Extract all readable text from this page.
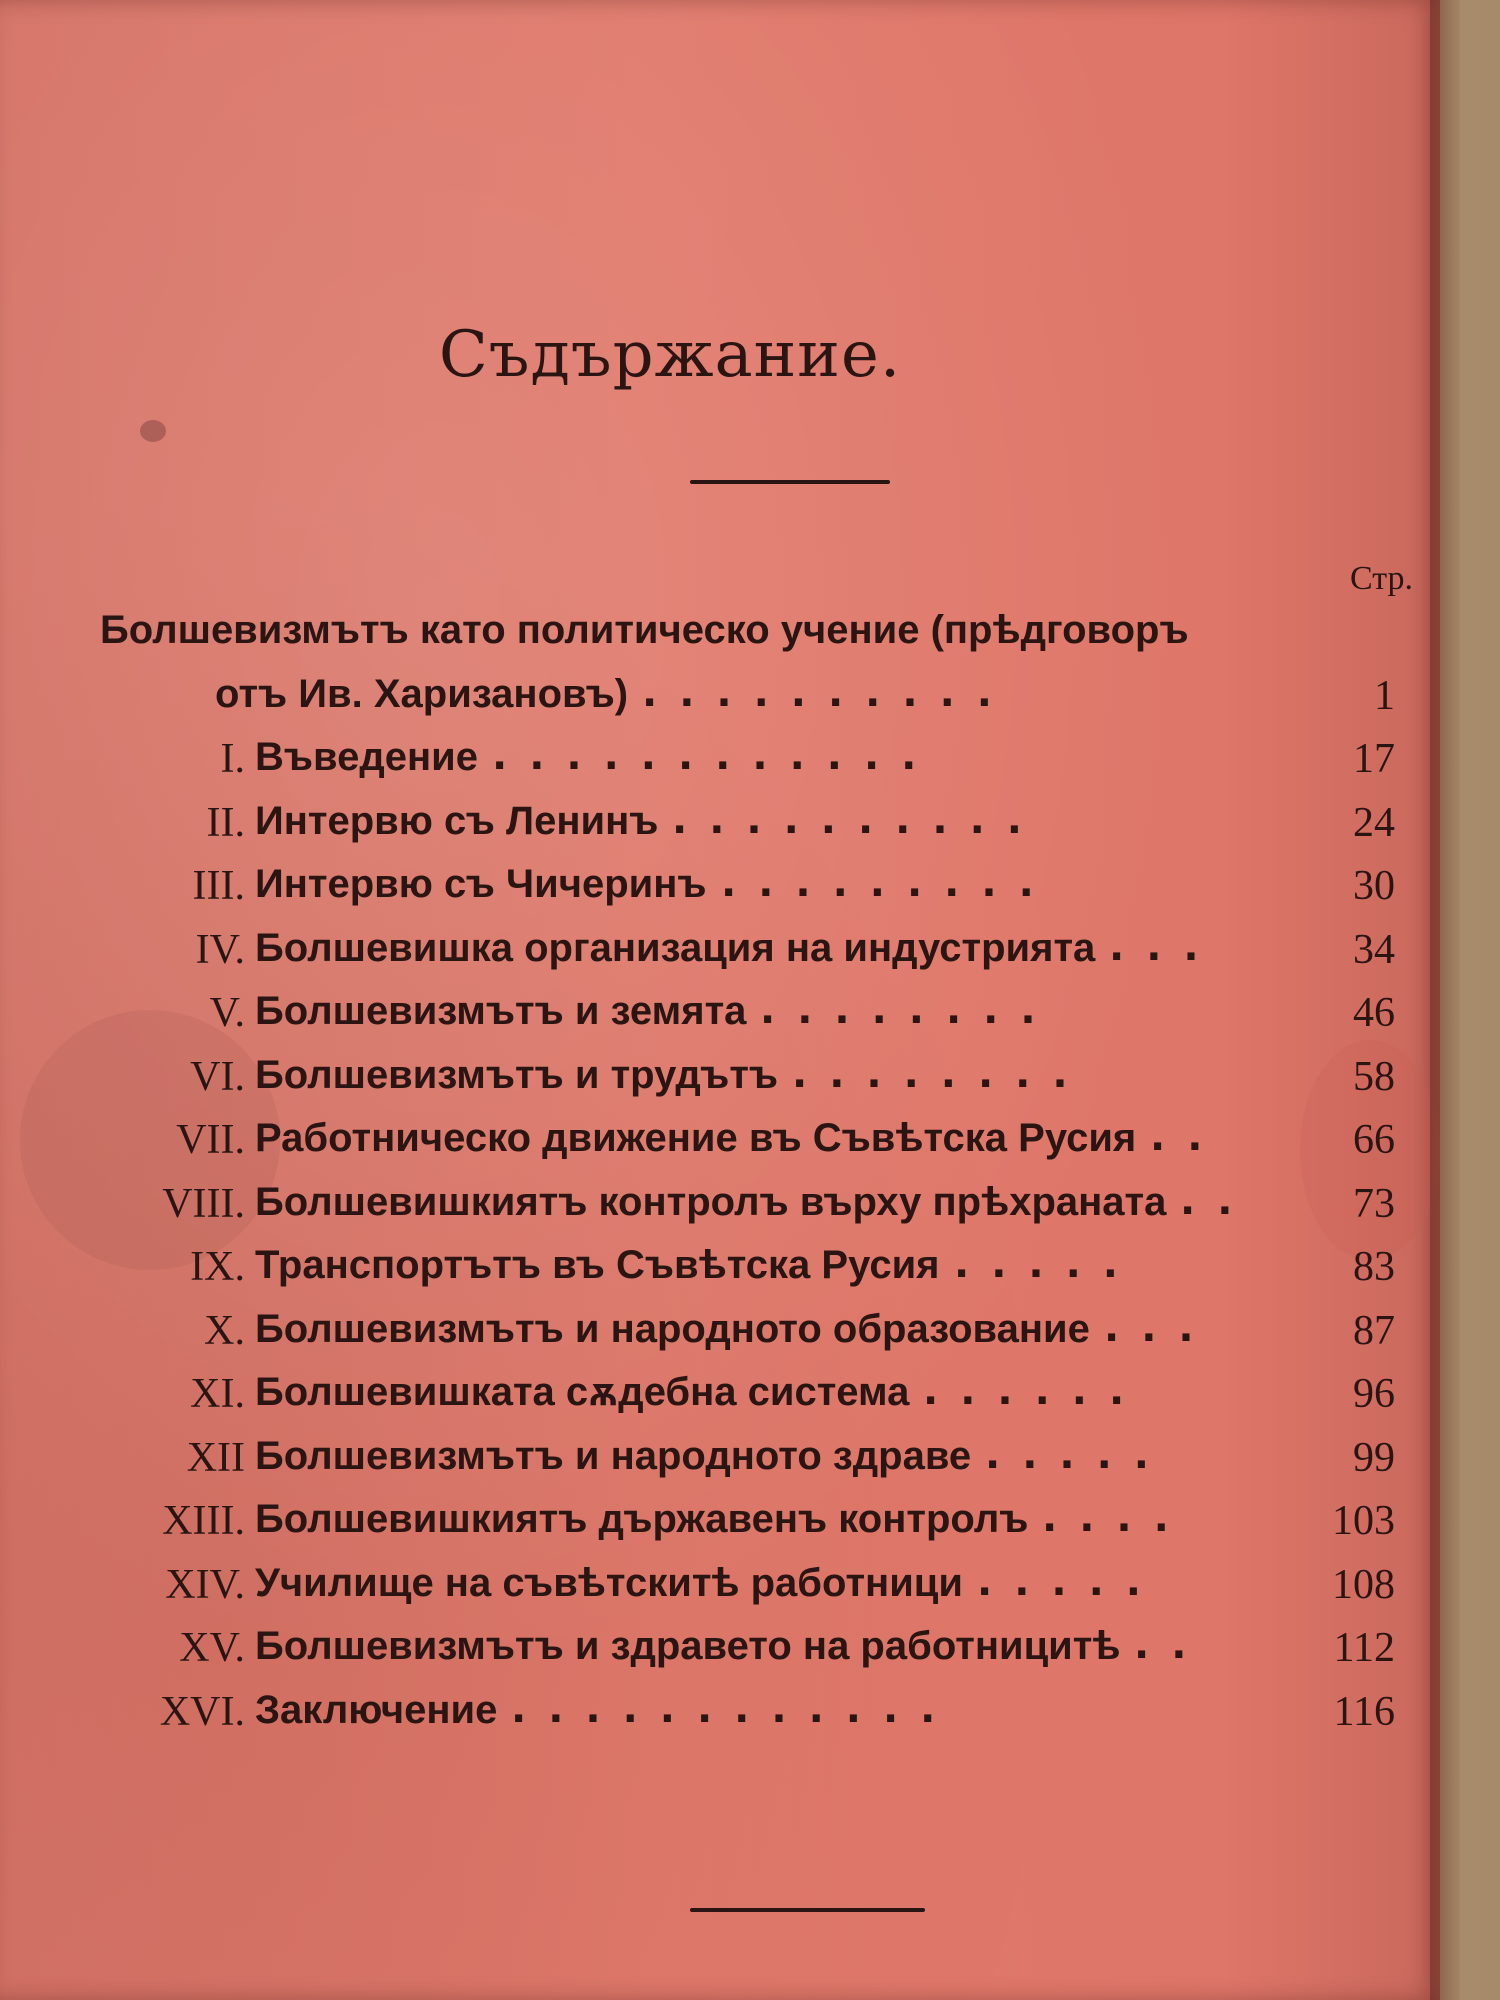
Съдържание.
Стр.
Болшевизмътъ като политическо учение (прѣдговоръ
отъ Ив. Харизановъ) ..........	1
I. Въведение ............	17
II. Интервю съ Ленинъ ..........	24
III. Интервю съ Чичеринъ .........	30
IV. Болшевишка организация на индустрията ...	34
V. Болшевизмътъ и земята ........	46
VI. Болшевизмътъ и трудътъ ........	58
VII. Работническо движение въ Съвѣтска Русия ..	66
VIII. Болшевишкиятъ контролъ върху прѣхраната .. 73
IX. Транспортътъ въ Съвѣтска Русия .....	83
X. Болшевизмътъ и народното образование ...	87
XI. Болшевишката сѫдебна система ......	96
XII Болшевизмътъ и народното здраве .....	99
XIII. Болшевишкиятъ държавенъ контролъ ....	103
XIV. Училище на съвѣтскитѣ работници .....	108
XV. Болшевизмътъ и здравето на работницитѣ ..	112
XVI. Заключение ............	116
